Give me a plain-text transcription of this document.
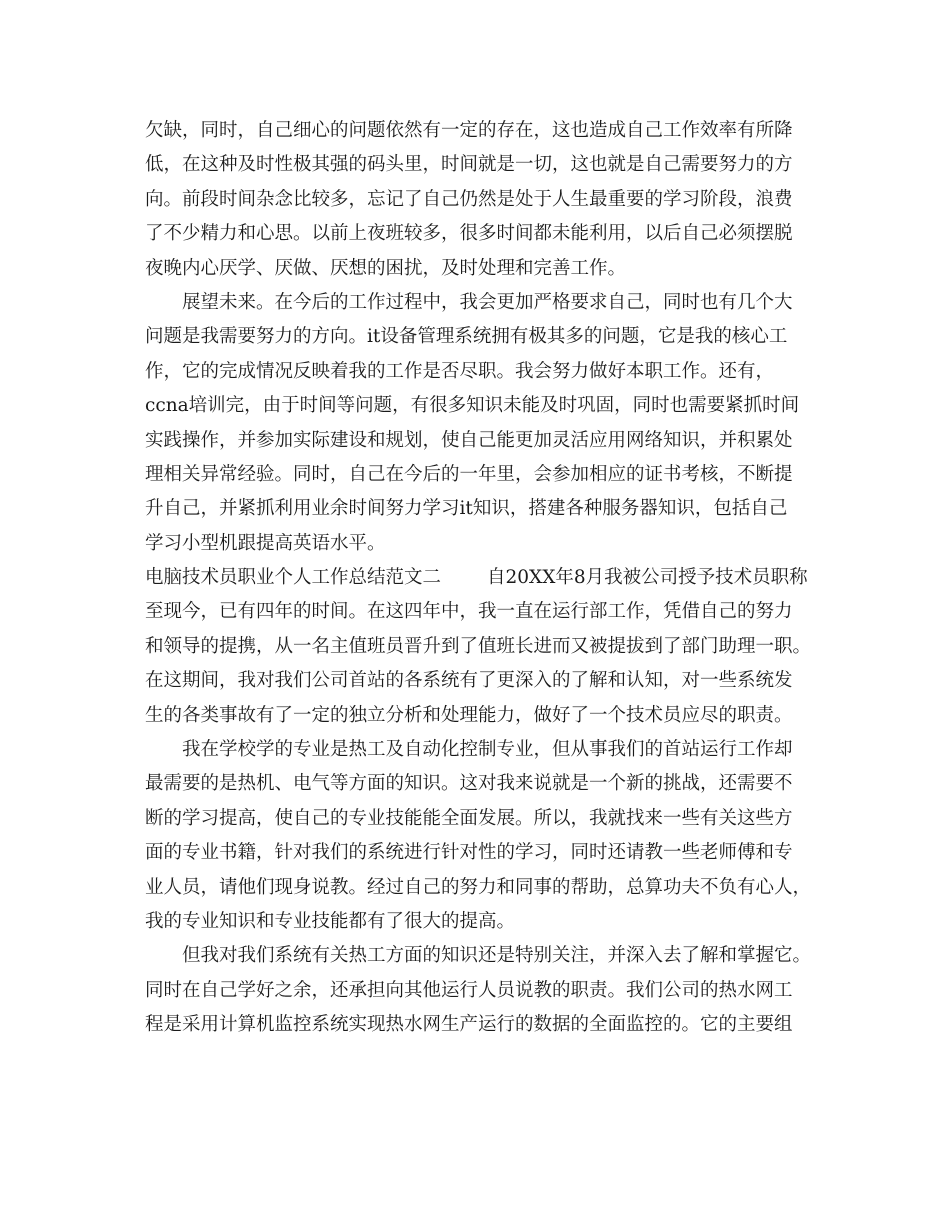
欠缺，同时，自己细心的问题依然有一定的存在，这也造成自己工作效率有所降
低，在这种及时性极其强的码头里，时间就是一切，这也就是自己需要努力的方
向。前段时间杂念比较多，忘记了自己仍然是处于人生最重要的学习阶段，浪费
了不少精力和心思。以前上夜班较多，很多时间都未能利用，以后自己必须摆脱
夜晚内心厌学、厌做、厌想的困扰，及时处理和完善工作。
展望未来。在今后的工作过程中，我会更加严格要求自己，同时也有几个大
问题是我需要努力的方向。it设备管理系统拥有极其多的问题，它是我的核心工
作，它的完成情况反映着我的工作是否尽职。我会努力做好本职工作。还有，
ccna培训完，由于时间等问题，有很多知识未能及时巩固，同时也需要紧抓时间
实践操作，并参加实际建设和规划，使自己能更加灵活应用网络知识，并积累处
理相关异常经验。同时，自己在今后的一年里，会参加相应的证书考核，不断提
升自己，并紧抓利用业余时间努力学习it知识，搭建各种服务器知识，包括自己
学习小型机跟提高英语水平。
电脑技术员职业个人工作总结范文二 自20XX年8月我被公司授予技术员职称
至现今，已有四年的时间。在这四年中，我一直在运行部工作，凭借自己的努力
和领导的提携，从一名主值班员晋升到了值班长进而又被提拔到了部门助理一职。
在这期间，我对我们公司首站的各系统有了更深入的了解和认知，对一些系统发
生的各类事故有了一定的独立分析和处理能力，做好了一个技术员应尽的职责。
我在学校学的专业是热工及自动化控制专业，但从事我们的首站运行工作却
最需要的是热机、电气等方面的知识。这对我来说就是一个新的挑战，还需要不
断的学习提高，使自己的专业技能能全面发展。所以，我就找来一些有关这些方
面的专业书籍，针对我们的系统进行针对性的学习，同时还请教一些老师傅和专
业人员，请他们现身说教。经过自己的努力和同事的帮助，总算功夫不负有心人，
我的专业知识和专业技能都有了很大的提高。
但我对我们系统有关热工方面的知识还是特别关注，并深入去了解和掌握它。
同时在自己学好之余，还承担向其他运行人员说教的职责。我们公司的热水网工
程是采用计算机监控系统实现热水网生产运行的数据的全面监控的。它的主要组
